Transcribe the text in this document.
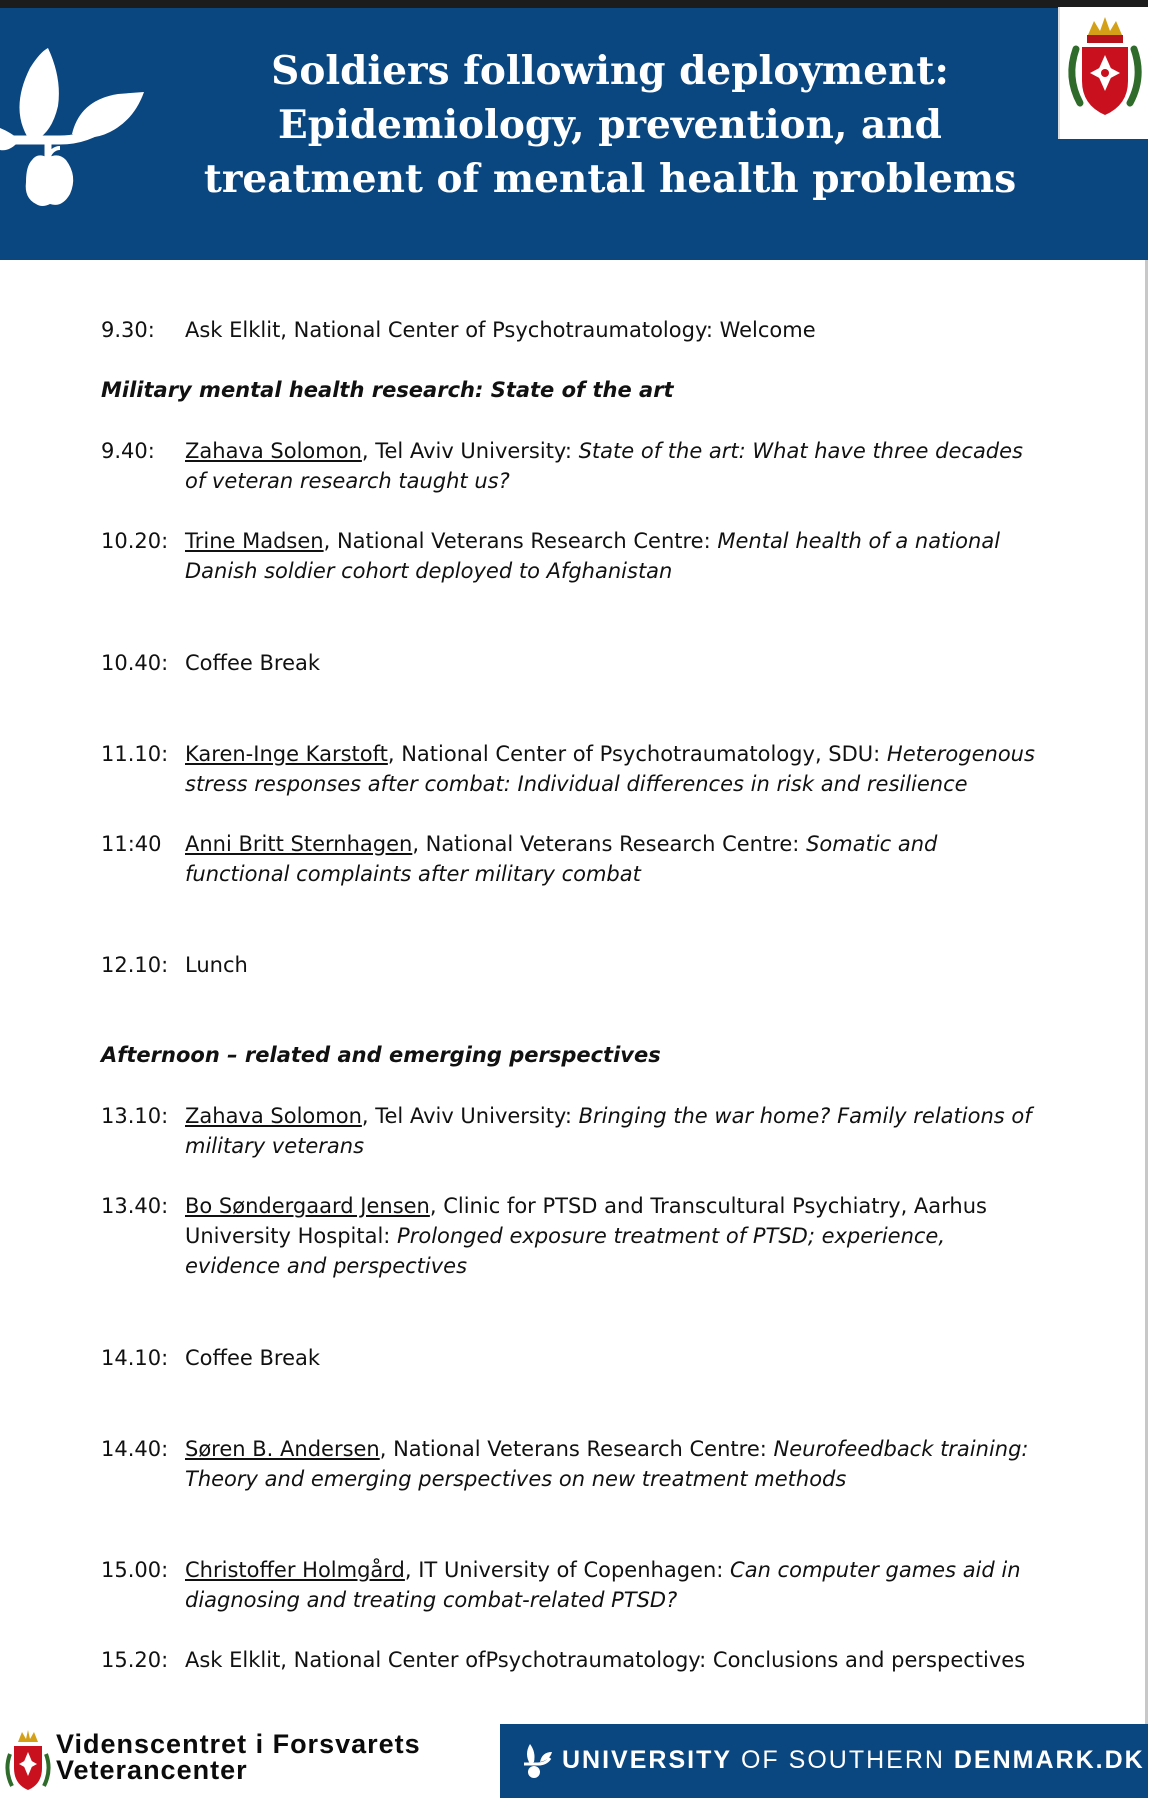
Soldiers following deployment:
Epidemiology, prevention, and
treatment of mental health problems
9.30:	Ask Elklit, National Center of Psychotraumatology: Welcome
Military mental health research: State of the art
9.40:	Zahava Solomon, Tel Aviv University: State of the art: What have three decades of veteran research taught us?
10.20: Trine Madsen, National Veterans Research Centre: Mental health of a national Danish soldier cohort deployed to Afghanistan
10.40: Coffee Break
11.10: Karen-Inge Karstoft, National Center of Psychotraumatology, SDU: Heterogenous stress responses after combat: Individual differences in risk and resilience
11:40	Anni Britt Sternhagen, National Veterans Research Centre: Somatic and functional complaints after military combat
12.10: Lunch
Afternoon – related and emerging perspectives
13.10: Zahava Solomon, Tel Aviv University: Bringing the war home? Family relations of military veterans
13.40: Bo Søndergaard Jensen, Clinic for PTSD and Transcultural Psychiatry, Aarhus University Hospital: Prolonged exposure treatment of PTSD; experience, evidence and perspectives
14.10: Coffee Break
14.40: Søren B. Andersen, National Veterans Research Centre: Neurofeedback training: Theory and emerging perspectives on new treatment methods
15.00: Christoffer Holmgård, IT University of Copenhagen: Can computer games aid in diagnosing and treating combat-related PTSD?
15.20: Ask Elklit, National Center ofPsychotraumatology: Conclusions and perspectives
Videnscentret i Forsvarets
Veterancenter	UNIVERSITY OF SOUTHERN DENMARK.DK
